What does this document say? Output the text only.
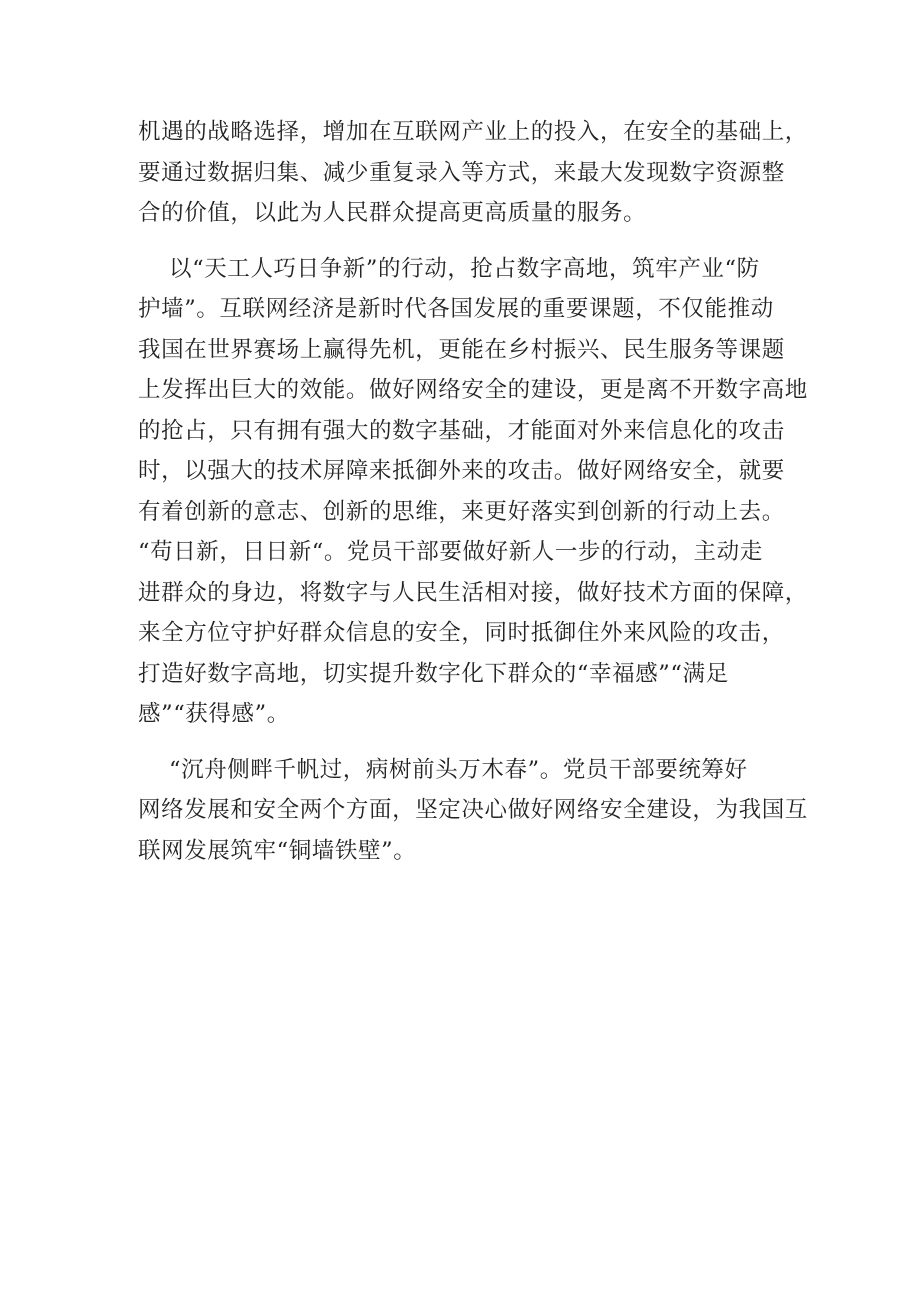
机遇的战略选择，增加在互联网产业上的投入，在安全的基础上，
要通过数据归集、减少重复录入等方式，来最大发现数字资源整
合的价值，以此为人民群众提高更高质量的服务。
以“天工人巧日争新”的行动，抢占数字高地，筑牢产业“防
护墙”。互联网经济是新时代各国发展的重要课题，不仅能推动
我国在世界赛场上赢得先机，更能在乡村振兴、民生服务等课题
上发挥出巨大的效能。做好网络安全的建设，更是离不开数字高地
的抢占，只有拥有强大的数字基础，才能面对外来信息化的攻击
时，以强大的技术屏障来抵御外来的攻击。做好网络安全，就要
有着创新的意志、创新的思维，来更好落实到创新的行动上去。
“苟日新，日日新“。党员干部要做好新人一步的行动，主动走
进群众的身边，将数字与人民生活相对接，做好技术方面的保障，
来全方位守护好群众信息的安全，同时抵御住外来风险的攻击，
打造好数字高地，切实提升数字化下群众的“幸福感”“满足
感”“获得感”。
“沉舟侧畔千帆过，病树前头万木春”。党员干部要统筹好
网络发展和安全两个方面，坚定决心做好网络安全建设，为我国互
联网发展筑牢“铜墙铁壁”。
